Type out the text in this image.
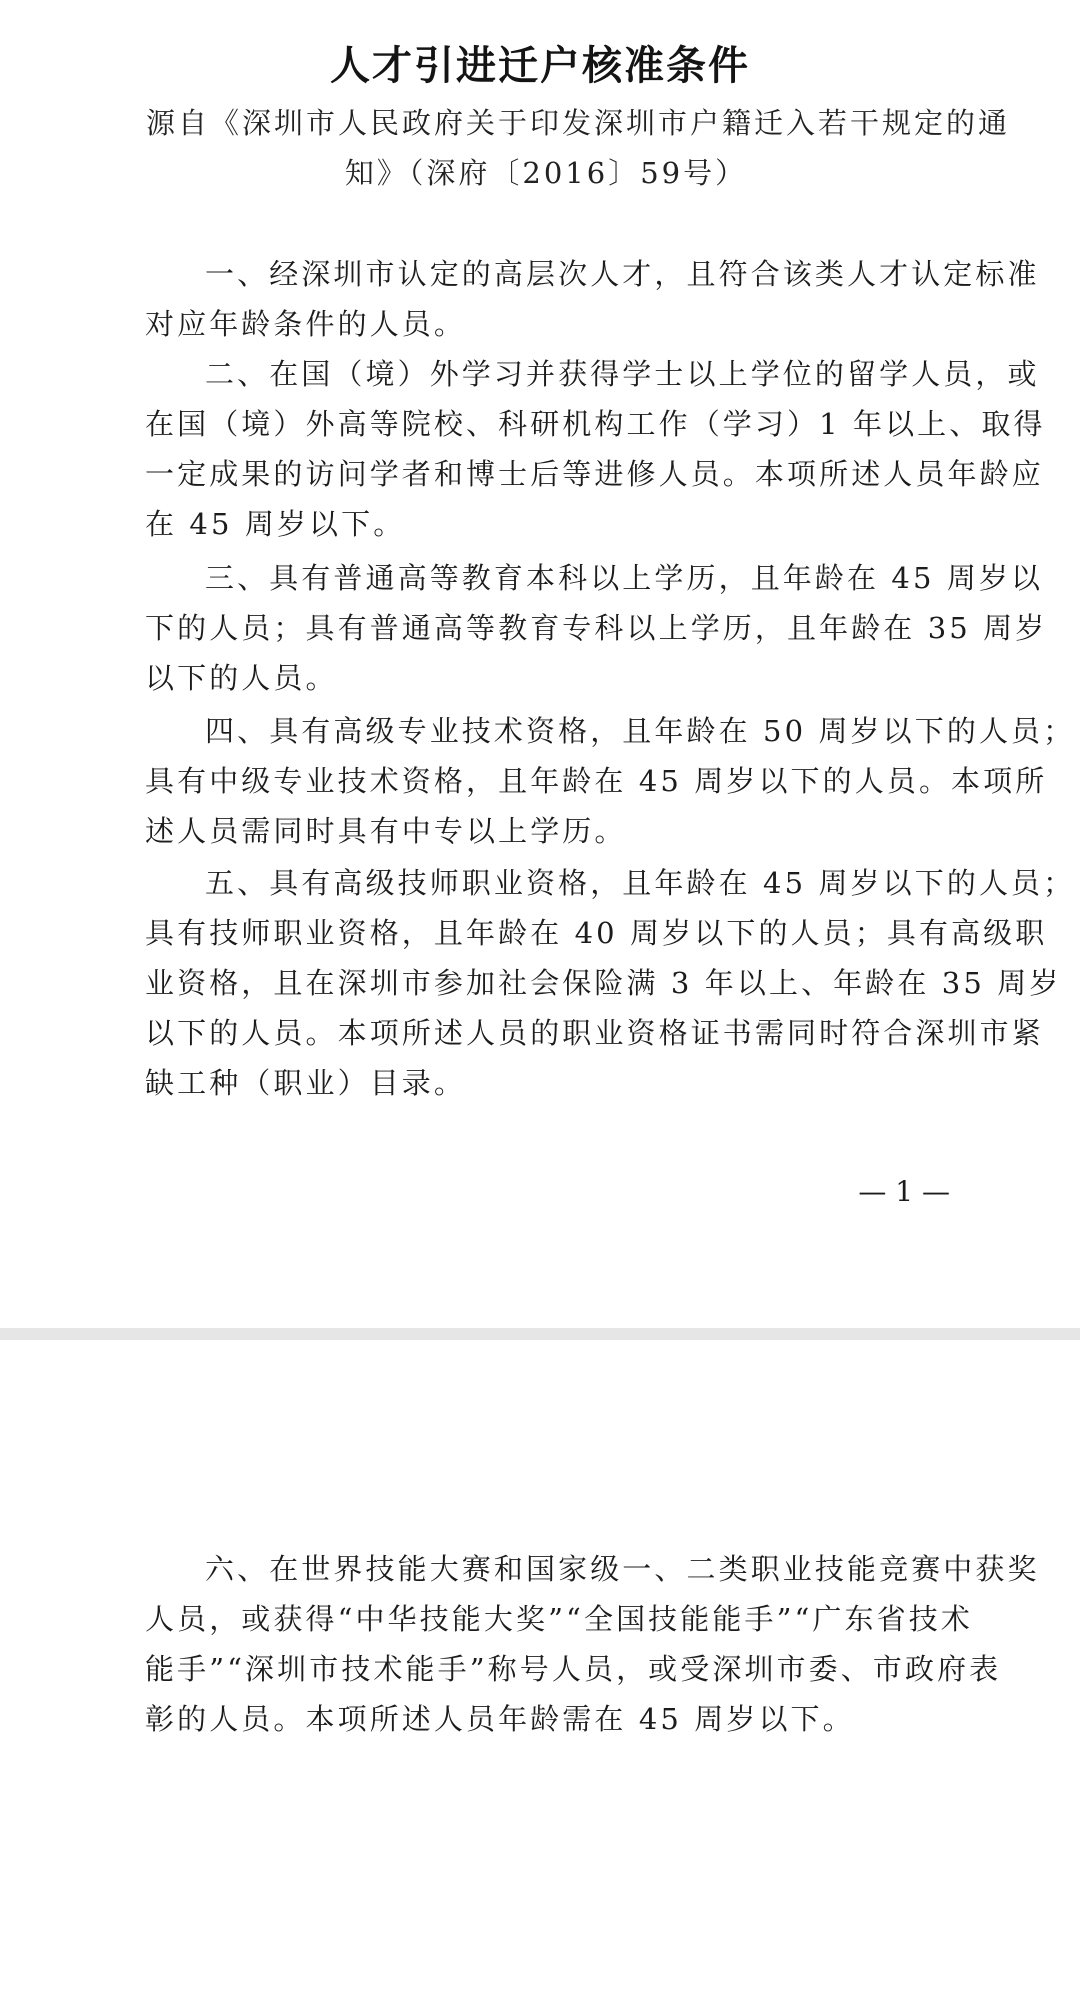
人才引进迁户核准条件

源自《深圳市人民政府关于印发深圳市户籍迁入若干规定的通
知》（深府〔2016〕59号）

一、经深圳市认定的高层次人才，且符合该类人才认定标准
对应年龄条件的人员。

二、在国（境）外学习并获得学士以上学位的留学人员，或
在国（境）外高等院校、科研机构工作（学习）1 年以上、取得
一定成果的访问学者和博士后等进修人员。本项所述人员年龄应
在 45 周岁以下。

三、具有普通高等教育本科以上学历，且年龄在 45 周岁以
下的人员；具有普通高等教育专科以上学历，且年龄在 35 周岁
以下的人员。

四、具有高级专业技术资格，且年龄在 50 周岁以下的人员；
具有中级专业技术资格，且年龄在 45 周岁以下的人员。本项所
述人员需同时具有中专以上学历。

五、具有高级技师职业资格，且年龄在 45 周岁以下的人员；
具有技师职业资格，且年龄在 40 周岁以下的人员；具有高级职
业资格，且在深圳市参加社会保险满 3 年以上、年龄在 35 周岁
以下的人员。本项所述人员的职业资格证书需同时符合深圳市紧
缺工种（职业）目录。

— 1 —

六、在世界技能大赛和国家级一、二类职业技能竞赛中获奖
人员，或获得“中华技能大奖”“全国技能能手”“广东省技术
能手”“深圳市技术能手”称号人员，或受深圳市委、市政府表
彰的人员。本项所述人员年龄需在 45 周岁以下。
